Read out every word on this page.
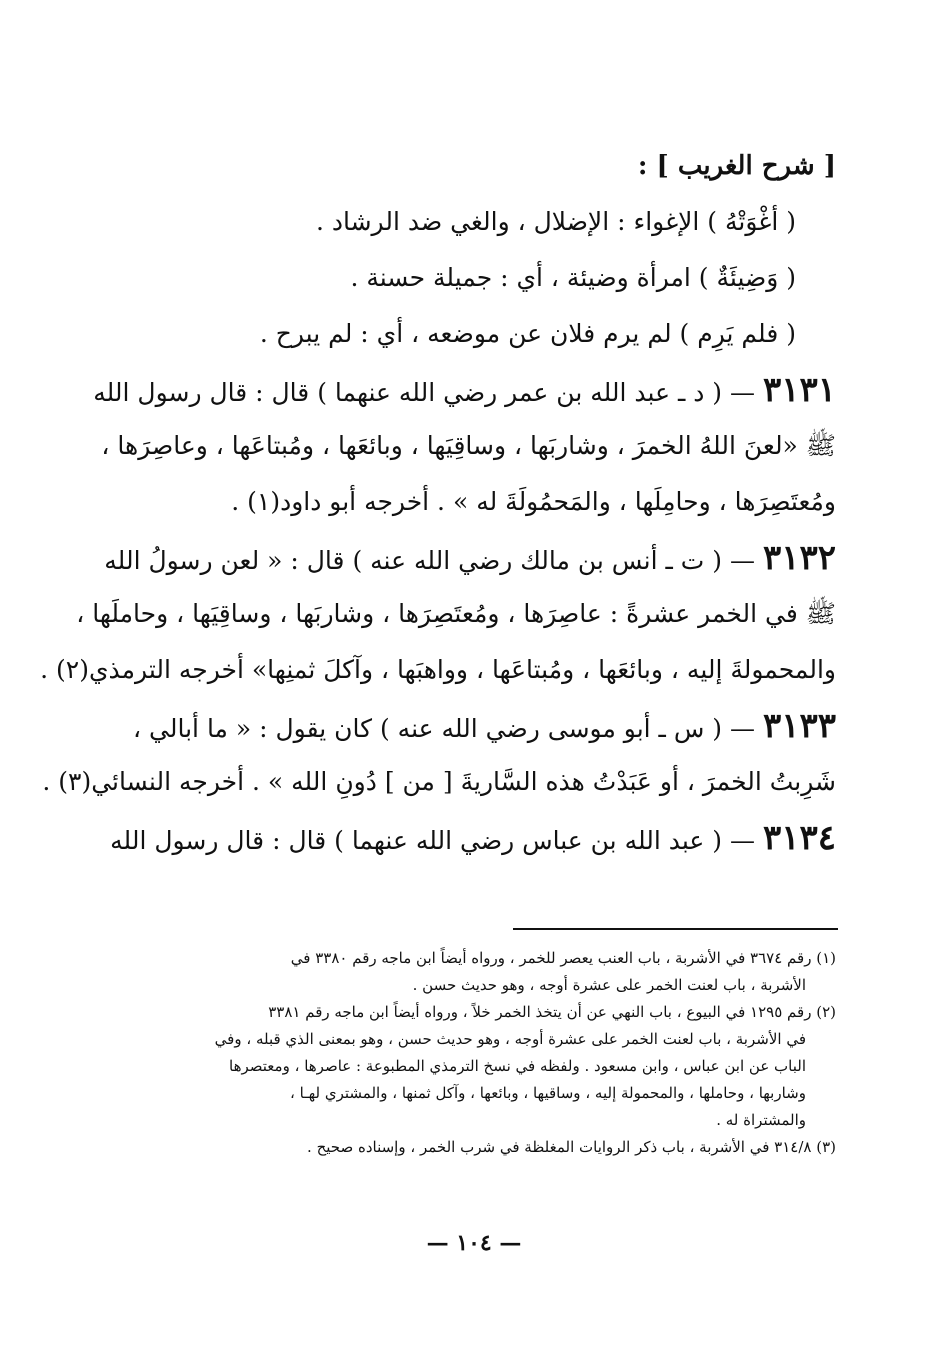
[ شرح الغريب ] :
( أغْوَتْهُ ) الإغواء : الإضلال ، والغي ضد الرشاد .
( وَضِيئَةٌ ) امرأة وضيئة ، أي : جميلة حسنة .
( فلم يَرِم ) لم يرم فلان عن موضعه ، أي : لم يبرح .
٣١٣١ — ( د ـ عبد الله بن عمر رضي الله عنهما ) قال : قال رسول الله
ﷺ «لعنَ اللهُ الخمرَ ، وشاربَها ، وساقِيَها ، وبائعَها ، ومُبتاعَها ، وعاصِرَها ،
ومُعتَصِرَها ، وحامِلَها ، والمَحمُولَةَ له » . أخرجه أبو داود(١) .
٣١٣٢ — ( ت ـ أنس بن مالك رضي الله عنه ) قال : « لعن رسولُ الله
ﷺ في الخمر عشرةً : عاصِرَها ، ومُعتَصِرَها ، وشاربَها ، وساقِيَها ، وحاملَها ،
والمحمولةَ إليه ، وبائعَها ، ومُبتاعَها ، وواهبَها ، وآكلَ ثمنِها» أخرجه الترمذي(٢) .
٣١٣٣ — ( س ـ أبو موسى رضي الله عنه ) كان يقول : « ما أبالي ،
شَرِبتُ الخمرَ ، أو عَبَدْتُ هذه السَّاريةَ [ من ] دُونِ الله » . أخرجه النسائي(٣) .
٣١٣٤ — ( عبد الله بن عباس رضي الله عنهما ) قال : قال رسول الله
(١) رقم ٣٦٧٤ في الأشربة ، باب العنب يعصر للخمر ، ورواه أيضاً ابن ماجه رقم ٣٣٨٠ في
الأشربة ، باب لعنت الخمر على عشرة أوجه ، وهو حديث حسن .
(٢) رقم ١٢٩٥ في البيوع ، باب النهي عن أن يتخذ الخمر خلاً ، ورواه أيضاً ابن ماجه رقم ٣٣٨١
في الأشربة ، باب لعنت الخمر على عشرة أوجه ، وهو حديث حسن ، وهو بمعنى الذي قبله ، وفي
الباب عن ابن عباس ، وابن مسعود . ولفظه في نسخ الترمذي المطبوعة : عاصرها ، ومعتصرها
وشاربها ، وحاملها ، والمحمولة إليه ، وساقيها ، وبائعها ، وآكل ثمنها ، والمشتري لهـا ،
والمشتراة له .
(٣) ٣١٤/٨ في الأشربة ، باب ذكر الروايات المغلظة في شرب الخمر ، وإسناده صحيح .
— ١٠٤ —
